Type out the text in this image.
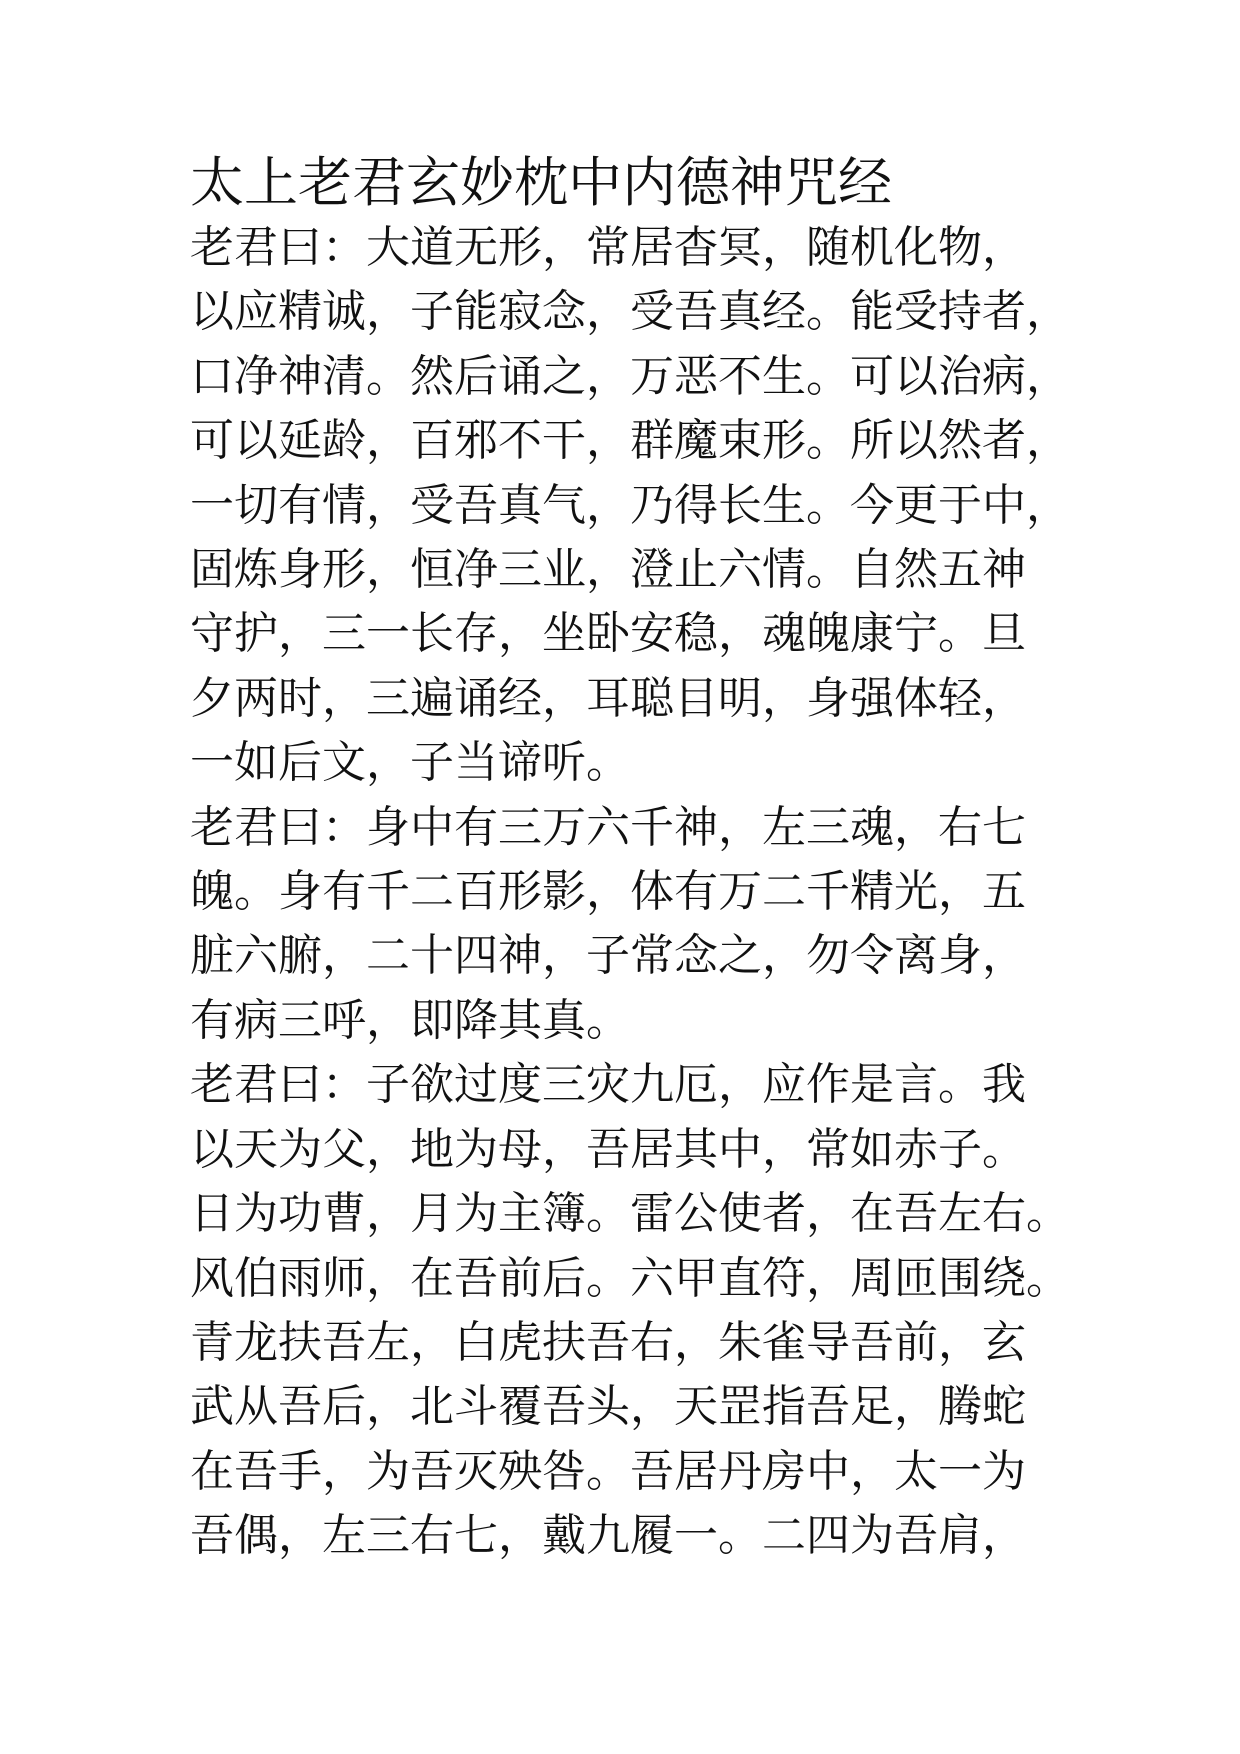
太上老君玄妙枕中内德神咒经
老君曰：大道无形，常居杳冥，随机化物，
以应精诚，子能寂念，受吾真经。能受持者，
口净神清。然后诵之，万恶不生。可以治病，
可以延龄，百邪不干，群魔束形。所以然者，
一切有情，受吾真气，乃得长生。今更于中，
固炼身形，恒净三业，澄止六情。自然五神
守护，三一长存，坐卧安稳，魂魄康宁。旦
夕两时，三遍诵经，耳聪目明，身强体轻，
一如后文，子当谛听。
老君曰：身中有三万六千神，左三魂，右七
魄。身有千二百形影，体有万二千精光，五
脏六腑，二十四神，子常念之，勿令离身，
有病三呼，即降其真。
老君曰：子欲过度三灾九厄，应作是言。我
以天为父，地为母，吾居其中，常如赤子。
日为功曹，月为主簿。雷公使者，在吾左右。
风伯雨师，在吾前后。六甲直符，周匝围绕。
青龙扶吾左，白虎扶吾右，朱雀导吾前，玄
武从吾后，北斗覆吾头，天罡指吾足，腾蛇
在吾手，为吾灭殃咎。吾居丹房中，太一为
吾偶，左三右七，戴九履一。二四为吾肩，
